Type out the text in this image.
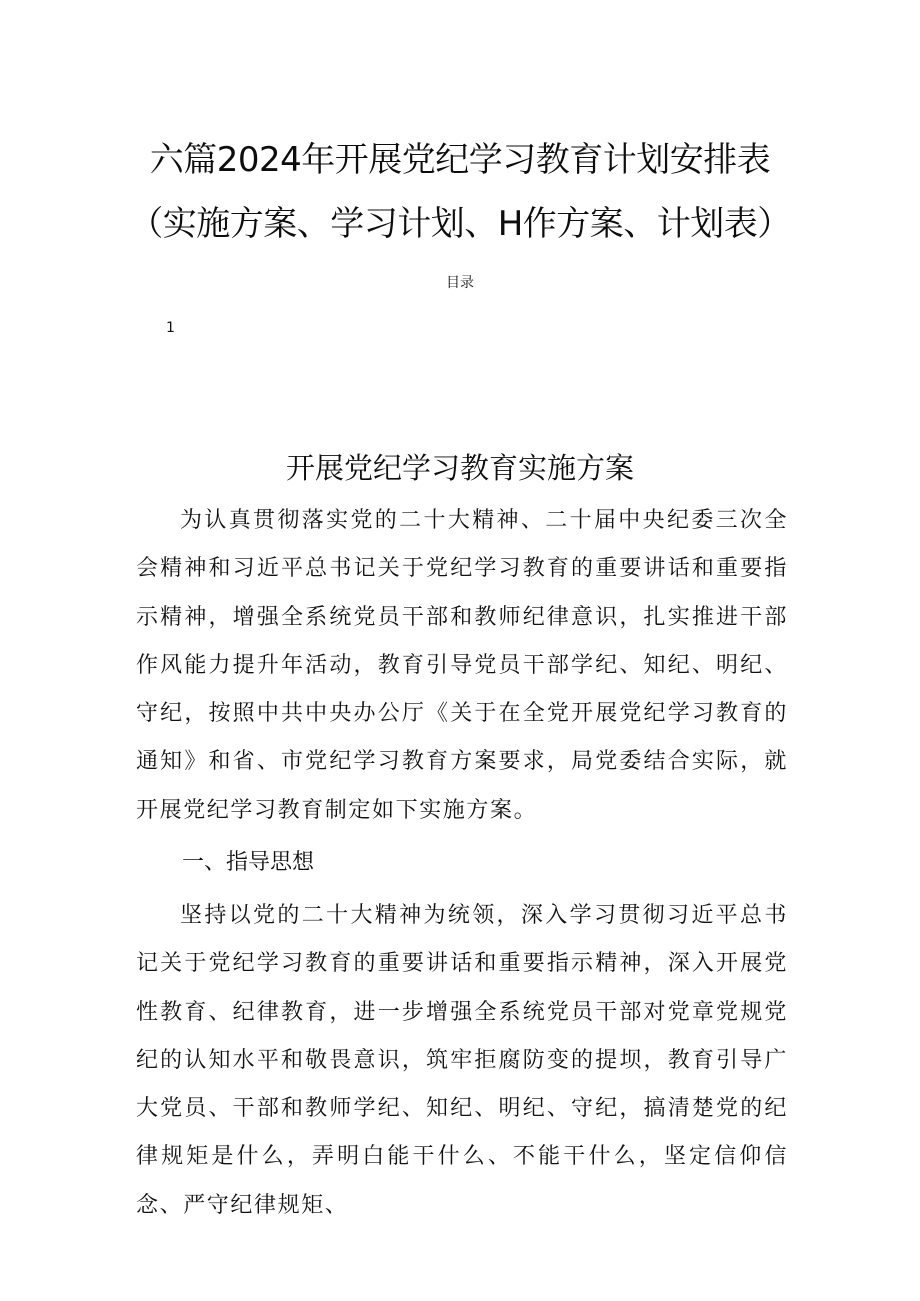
六篇2024年开展党纪学习教育计划安排表
（实施方案、学习计划、H作方案、计划表）
目录
1
开展党纪学习教育实施方案

为认真贯彻落实党的二十大精神、二十届中央纪委三次全会精神和习近平总书记关于党纪学习教育的重要讲话和重要指示精神，增强全系统党员干部和教师纪律意识，扎实推进干部作风能力提升年活动，教育引导党员干部学纪、知纪、明纪、守纪，按照中共中央办公厅《关于在全党开展党纪学习教育的通知》和省、市党纪学习教育方案要求，局党委结合实际，就开展党纪学习教育制定如下实施方案。

一、指导思想

坚持以党的二十大精神为统领，深入学习贯彻习近平总书记关于党纪学习教育的重要讲话和重要指示精神，深入开展党性教育、纪律教育，进一步增强全系统党员干部对党章党规党纪的认知水平和敬畏意识，筑牢拒腐防变的提坝，教育引导广大党员、干部和教师学纪、知纪、明纪、守纪，搞清楚党的纪律规矩是什么，弄明白能干什么、不能干什么，坚定信仰信念、严守纪律规矩、
